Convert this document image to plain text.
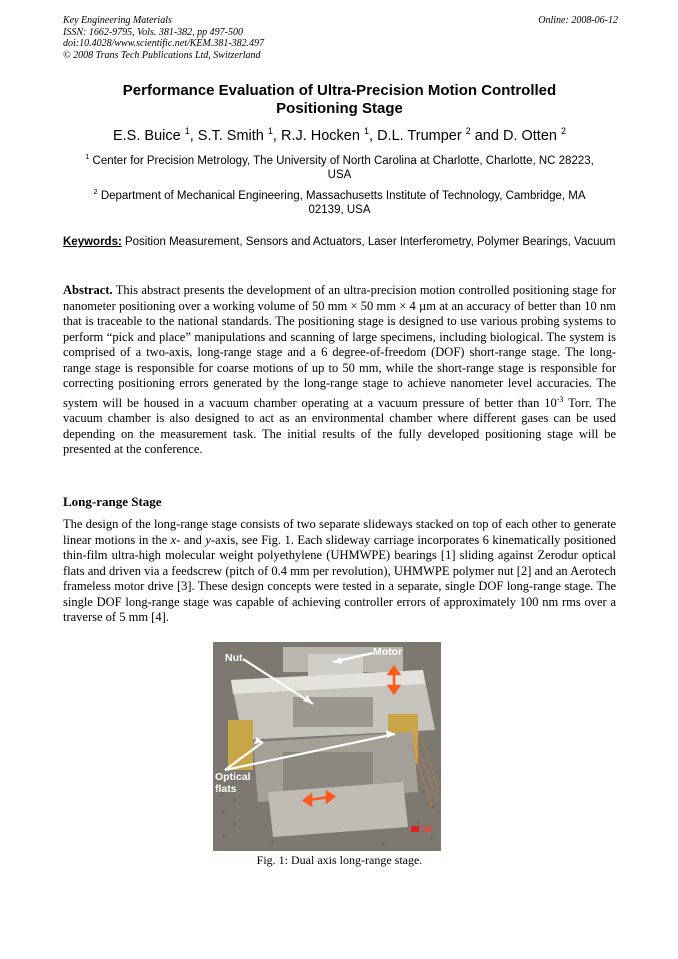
Key Engineering Materials
ISSN: 1662-9795, Vols. 381-382, pp 497-500
doi:10.4028/www.scientific.net/KEM.381-382.497
© 2008 Trans Tech Publications Ltd, Switzerland
Online: 2008-06-12
Performance Evaluation of Ultra-Precision Motion Controlled
Positioning Stage
E.S. Buice $^1$, S.T. Smith $^1$, R.J. Hocken $^1$, D.L. Trumper $^2$ and D. Otten $^2$
$^1$ Center for Precision Metrology, The University of North Carolina at Charlotte, Charlotte, NC 28223,
USA
$^2$ Department of Mechanical Engineering, Massachusetts Institute of Technology, Cambridge, MA
02139, USA
Keywords: Position Measurement, Sensors and Actuators, Laser Interferometry, Polymer Bearings, Vacuum
Abstract. This abstract presents the development of an ultra-precision motion controlled positioning stage for nanometer positioning over a working volume of 50 mm × 50 mm × 4 µm at an accuracy of better than 10 nm that is traceable to the national standards. The positioning stage is designed to use various probing systems to perform “pick and place” manipulations and scanning of large specimens, including biological. The system is comprised of a two-axis, long-range stage and a 6 degree-of-freedom (DOF) short-range stage. The long-range stage is responsible for coarse motions of up to 50 mm, while the short-range stage is responsible for correcting positioning errors generated by the long-range stage to achieve nanometer level accuracies. The system will be housed in a vacuum chamber operating at a vacuum pressure of better than $10^{-3}$ Torr. The vacuum chamber is also designed to act as an environmental chamber where different gases can be used depending on the measurement task. The initial results of the fully developed positioning stage will be presented at the conference.
Long-range Stage
The design of the long-range stage consists of two separate slideways stacked on top of each other to generate linear motions in the x- and y-axis, see Fig. 1. Each slideway carriage incorporates 6 kinematically positioned thin-film ultra-high molecular weight polyethylene (UHMWPE) bearings [1] sliding against Zerodur optical flats and driven via a feedscrew (pitch of 0.4 mm per revolution), UHMWPE polymer nut [2] and an Aerotech frameless motor drive [3]. These design concepts were tested in a separate, single DOF long-range stage. The single DOF long-range stage was capable of achieving controller errors of approximately 100 nm rms over a traverse of 5 mm [4].
Nut	Motor
Optical
flats
10
Fig. 1: Dual axis long-range stage.
